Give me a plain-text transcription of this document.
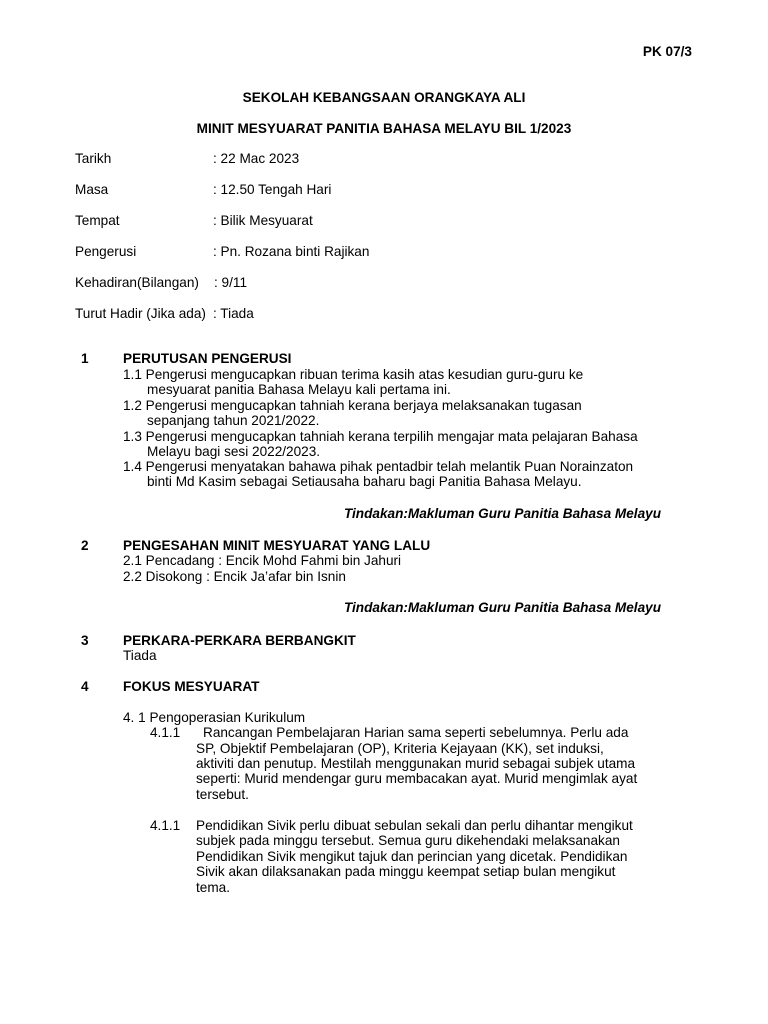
PK 07/3
SEKOLAH KEBANGSAAN ORANGKAYA ALI
MINIT MESYUARAT PANITIA BAHASA MELAYU BIL 1/2023
Tarikh	: 22 Mac 2023
Masa	: 12.50 Tengah Hari
Tempat	: Bilik Mesyuarat
Pengerusi	: Pn. Rozana binti Rajikan
Kehadiran(Bilangan) : 9/11
Turut Hadir (Jika ada) : Tiada
1	PERUTUSAN PENGERUSI
1.1 Pengerusi mengucapkan ribuan terima kasih atas kesudian guru-guru ke
mesyuarat panitia Bahasa Melayu kali pertama ini.
1.2 Pengerusi mengucapkan tahniah kerana berjaya melaksanakan tugasan
sepanjang tahun 2021/2022.
1.3 Pengerusi mengucapkan tahniah kerana terpilih mengajar mata pelajaran Bahasa
Melayu bagi sesi 2022/2023.
1.4 Pengerusi menyatakan bahawa pihak pentadbir telah melantik Puan Norainzaton
binti Md Kasim sebagai Setiausaha baharu bagi Panitia Bahasa Melayu.
Tindakan:Makluman Guru Panitia Bahasa Melayu
2	PENGESAHAN MINIT MESYUARAT YANG LALU
2.1 Pencadang : Encik Mohd Fahmi bin Jahuri
2.2 Disokong : Encik Ja’afar bin Isnin
Tindakan:Makluman Guru Panitia Bahasa Melayu
3	PERKARA-PERKARA BERBANGKIT
Tiada
4	FOKUS MESYUARAT
4. 1 Pengoperasian Kurikulum
4.1.1 Rancangan Pembelajaran Harian sama seperti sebelumnya. Perlu ada
SP, Objektif Pembelajaran (OP), Kriteria Kejayaan (KK), set induksi,
aktiviti dan penutup. Mestilah menggunakan murid sebagai subjek utama
seperti: Murid mendengar guru membacakan ayat. Murid mengimlak ayat
tersebut.
4.1.1 Pendidikan Sivik perlu dibuat sebulan sekali dan perlu dihantar mengikut
subjek pada minggu tersebut. Semua guru dikehendaki melaksanakan
Pendidikan Sivik mengikut tajuk dan perincian yang dicetak. Pendidikan
Sivik akan dilaksanakan pada minggu keempat setiap bulan mengikut
tema.
